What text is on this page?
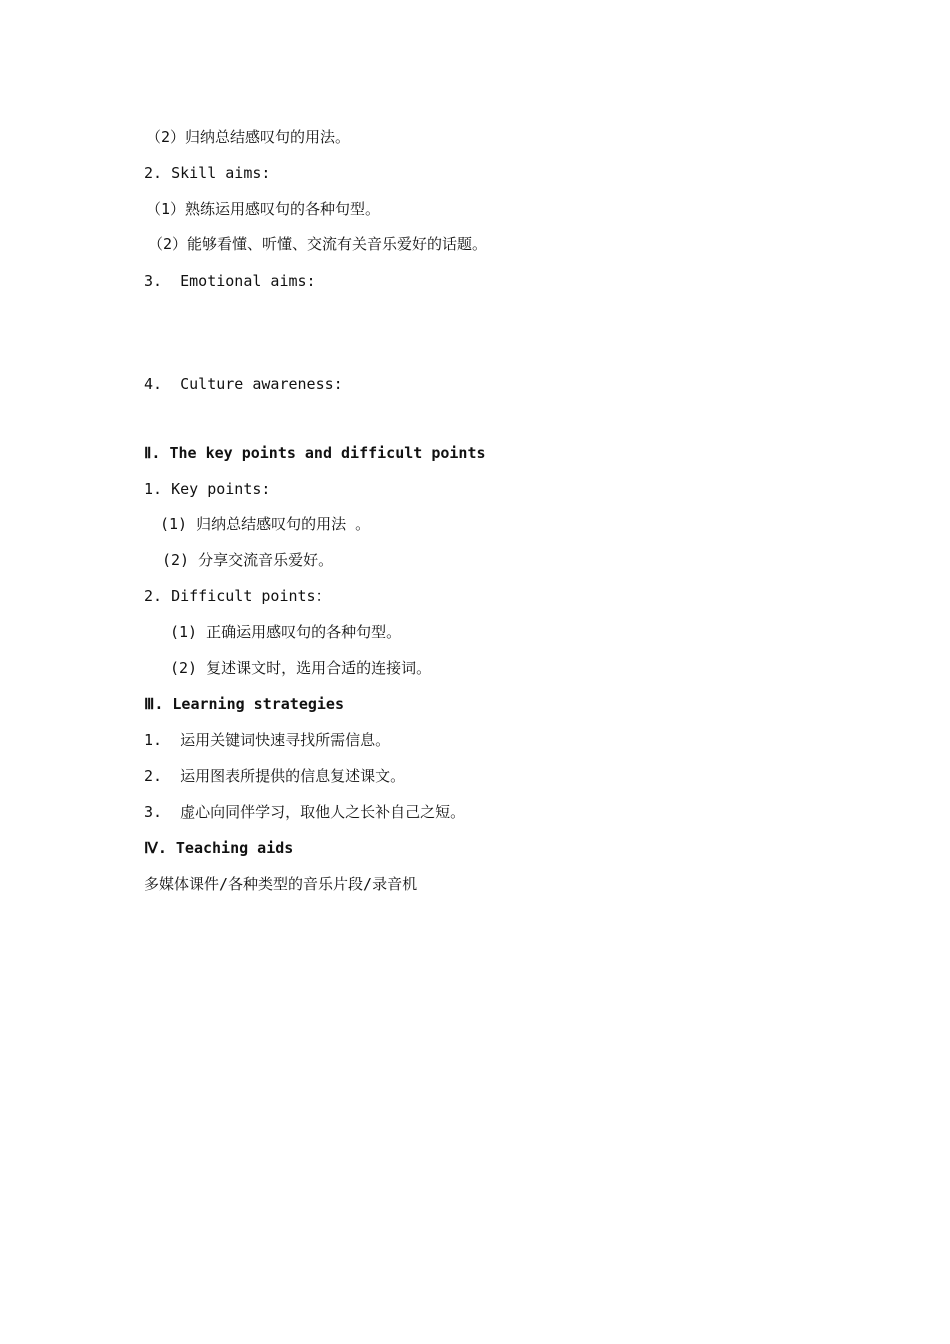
（2）归纳总结感叹句的用法。
2. Skill aims:
（1）熟练运用感叹句的各种句型。
（2）能够看懂、听懂、交流有关音乐爱好的话题。
3.  Emotional aims:
4.  Culture awareness:
Ⅱ. The key points and difficult points
1. Key points:
(1) 归纳总结感叹句的用法 。
(2) 分享交流音乐爱好。
2. Difficult points：
(1) 正确运用感叹句的各种句型。
(2) 复述课文时，选用合适的连接词。
Ⅲ. Learning strategies
1.  运用关键词快速寻找所需信息。
2.  运用图表所提供的信息复述课文。
3.  虚心向同伴学习，取他人之长补自己之短。
Ⅳ. Teaching aids
多媒体课件/各种类型的音乐片段/录音机
